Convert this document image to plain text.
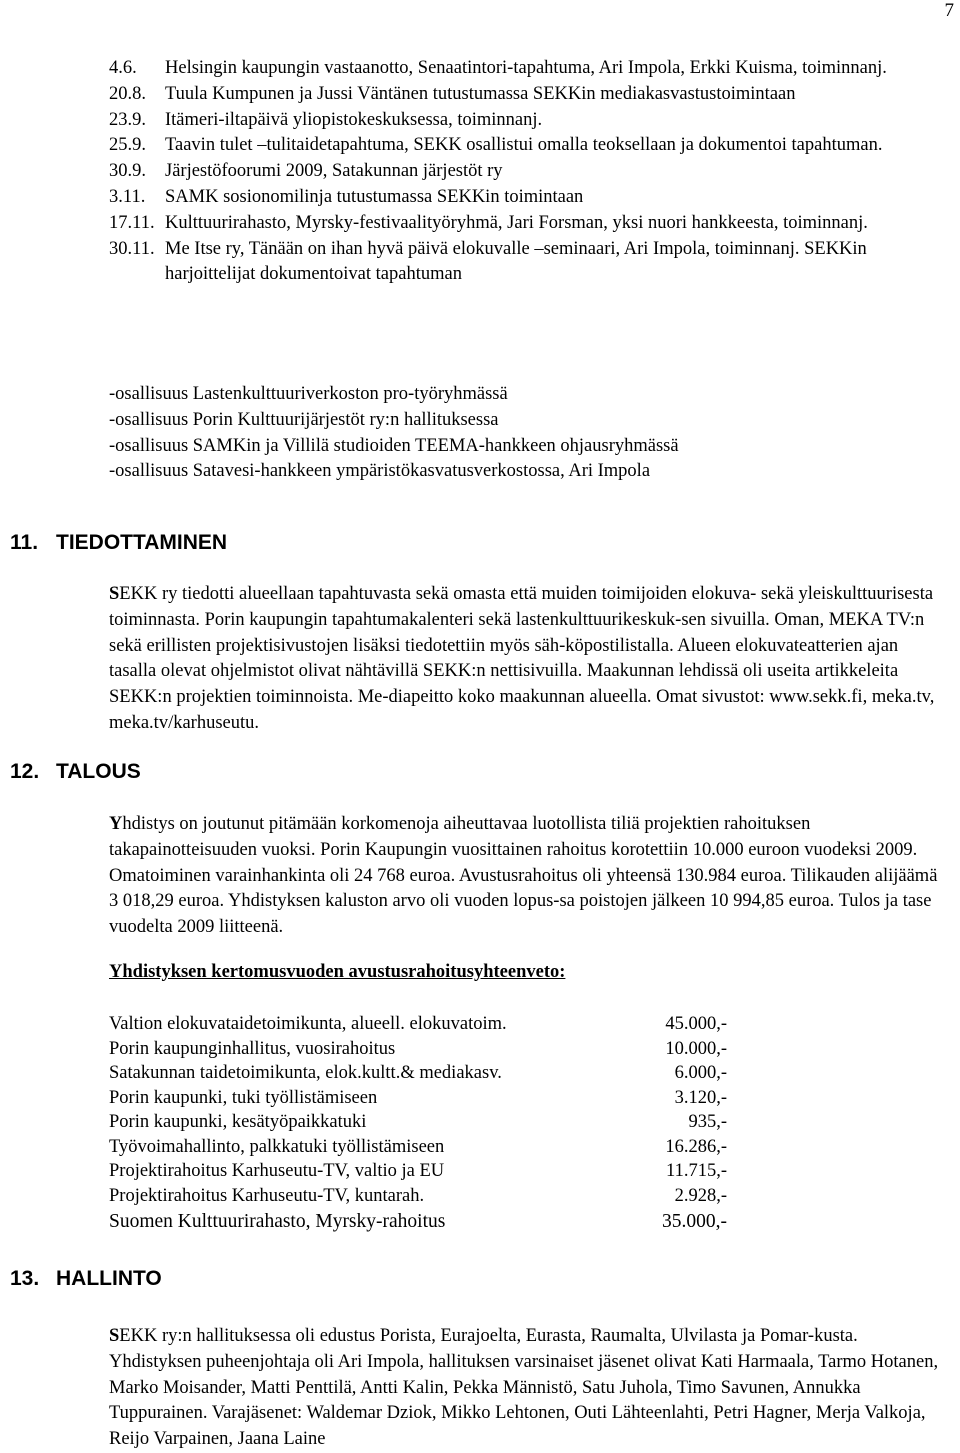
7
4.6. Helsingin kaupungin vastaanotto, Senaatintori-tapahtuma, Ari Impola, Erkki Kuisma, toiminnanj.
20.8. Tuula Kumpunen ja Jussi Väntänen tutustumassa SEKKin mediakasvastustoimintaan
23.9. Itämeri-iltapäivä yliopistokeskuksessa, toiminnanj.
25.9. Taavin tulet –tulitaidetapahtuma, SEKK osallistui omalla teoksellaan ja dokumentoi tapahtuman.
30.9. Järjestöfoorumi 2009, Satakunnan järjestöt ry
3.11. SAMK sosionomilinja tutustumassa SEKKin toimintaan
17.11. Kulttuurirahasto, Myrsky-festivaalityöryhmä, Jari Forsman, yksi nuori hankkeesta, toiminnanj.
30.11. Me Itse ry, Tänään on ihan hyvä päivä elokuvalle –seminaari, Ari Impola, toiminnanj. SEKKin harjoittelijat dokumentoivat tapahtuman
-osallisuus Lastenkulttuuriverkoston pro-työryhmässä
-osallisuus Porin Kulttuurijärjestöt ry:n hallituksessa
-osallisuus SAMKin ja Villilä studioiden TEEMA-hankkeen ohjausryhmässä
-osallisuus Satavesi-hankkeen ympäristökasvatusverkostossa, Ari Impola
11. TIEDOTTAMINEN

SEKK ry tiedotti alueellaan tapahtuvasta sekä omasta että muiden toimijoiden elokuva- sekä yleiskulttuurisesta toiminnasta. Porin kaupungin tapahtumakalenteri sekä lastenkulttuurikeskuk-sen sivuilla. Oman, MEKA TV:n sekä erillisten projektisivustojen lisäksi tiedotettiin myös säh-köpostilistalla. Alueen elokuvateatterien ajan tasalla olevat ohjelmistot olivat nähtävillä SEKK:n nettisivuilla. Maakunnan lehdissä oli useita artikkeleita SEKK:n projektien toiminnoista. Me-diapeitto koko maakunnan alueella. Omat sivustot: www.sekk.fi, meka.tv, meka.tv/karhuseutu.

12. TALOUS

Yhdistys on joutunut pitämään korkomenoja aiheuttavaa luotollista tiliä projektien rahoituksen takapainotteisuuden vuoksi. Porin Kaupungin vuosittainen rahoitus korotettiin 10.000 euroon vuodeksi 2009. Omatoiminen varainhankinta oli 24 768 euroa. Avustusrahoitus oli yhteensä 130.984 euroa. Tilikauden alijäämä 3 018,29 euroa. Yhdistyksen kaluston arvo oli vuoden lopus-sa poistojen jälkeen 10 994,85 euroa. Tulos ja tase vuodelta 2009 liitteenä.

Yhdistyksen kertomusvuoden avustusrahoitusyhteenveto:
Valtion elokuvataidetoimikunta, alueell. elokuvatoim.	45.000,-
Porin kaupunginhallitus, vuosirahoitus	10.000,-
Satakunnan taidetoimikunta, elok.kultt.& mediakasv.	6.000,-
Porin kaupunki, tuki työllistämiseen	3.120,-
Porin kaupunki, kesätyöpaikkatuki	935,-
Työvoimahallinto, palkkatuki työllistämiseen	16.286,-
Projektirahoitus Karhuseutu-TV, valtio ja EU	11.715,-
Projektirahoitus Karhuseutu-TV, kuntarah.	2.928,-
Suomen Kulttuurirahasto, Myrsky-rahoitus	35.000,-
13. HALLINTO

SEKK ry:n hallituksessa oli edustus Porista, Eurajoelta, Eurasta, Raumalta, Ulvilasta ja Pomar-kusta. Yhdistyksen puheenjohtaja oli Ari Impola, hallituksen varsinaiset jäsenet olivat Kati Harmaala, Tarmo Hotanen, Marko Moisander, Matti Penttilä, Antti Kalin, Pekka Männistö, Satu Juhola, Timo Savunen, Annukka Tuppurainen. Varajäsenet: Waldemar Dziok, Mikko Lehtonen, Outi Lähteenlahti, Petri Hagner, Merja Valkoja, Reijo Varpainen, Jaana Laine
